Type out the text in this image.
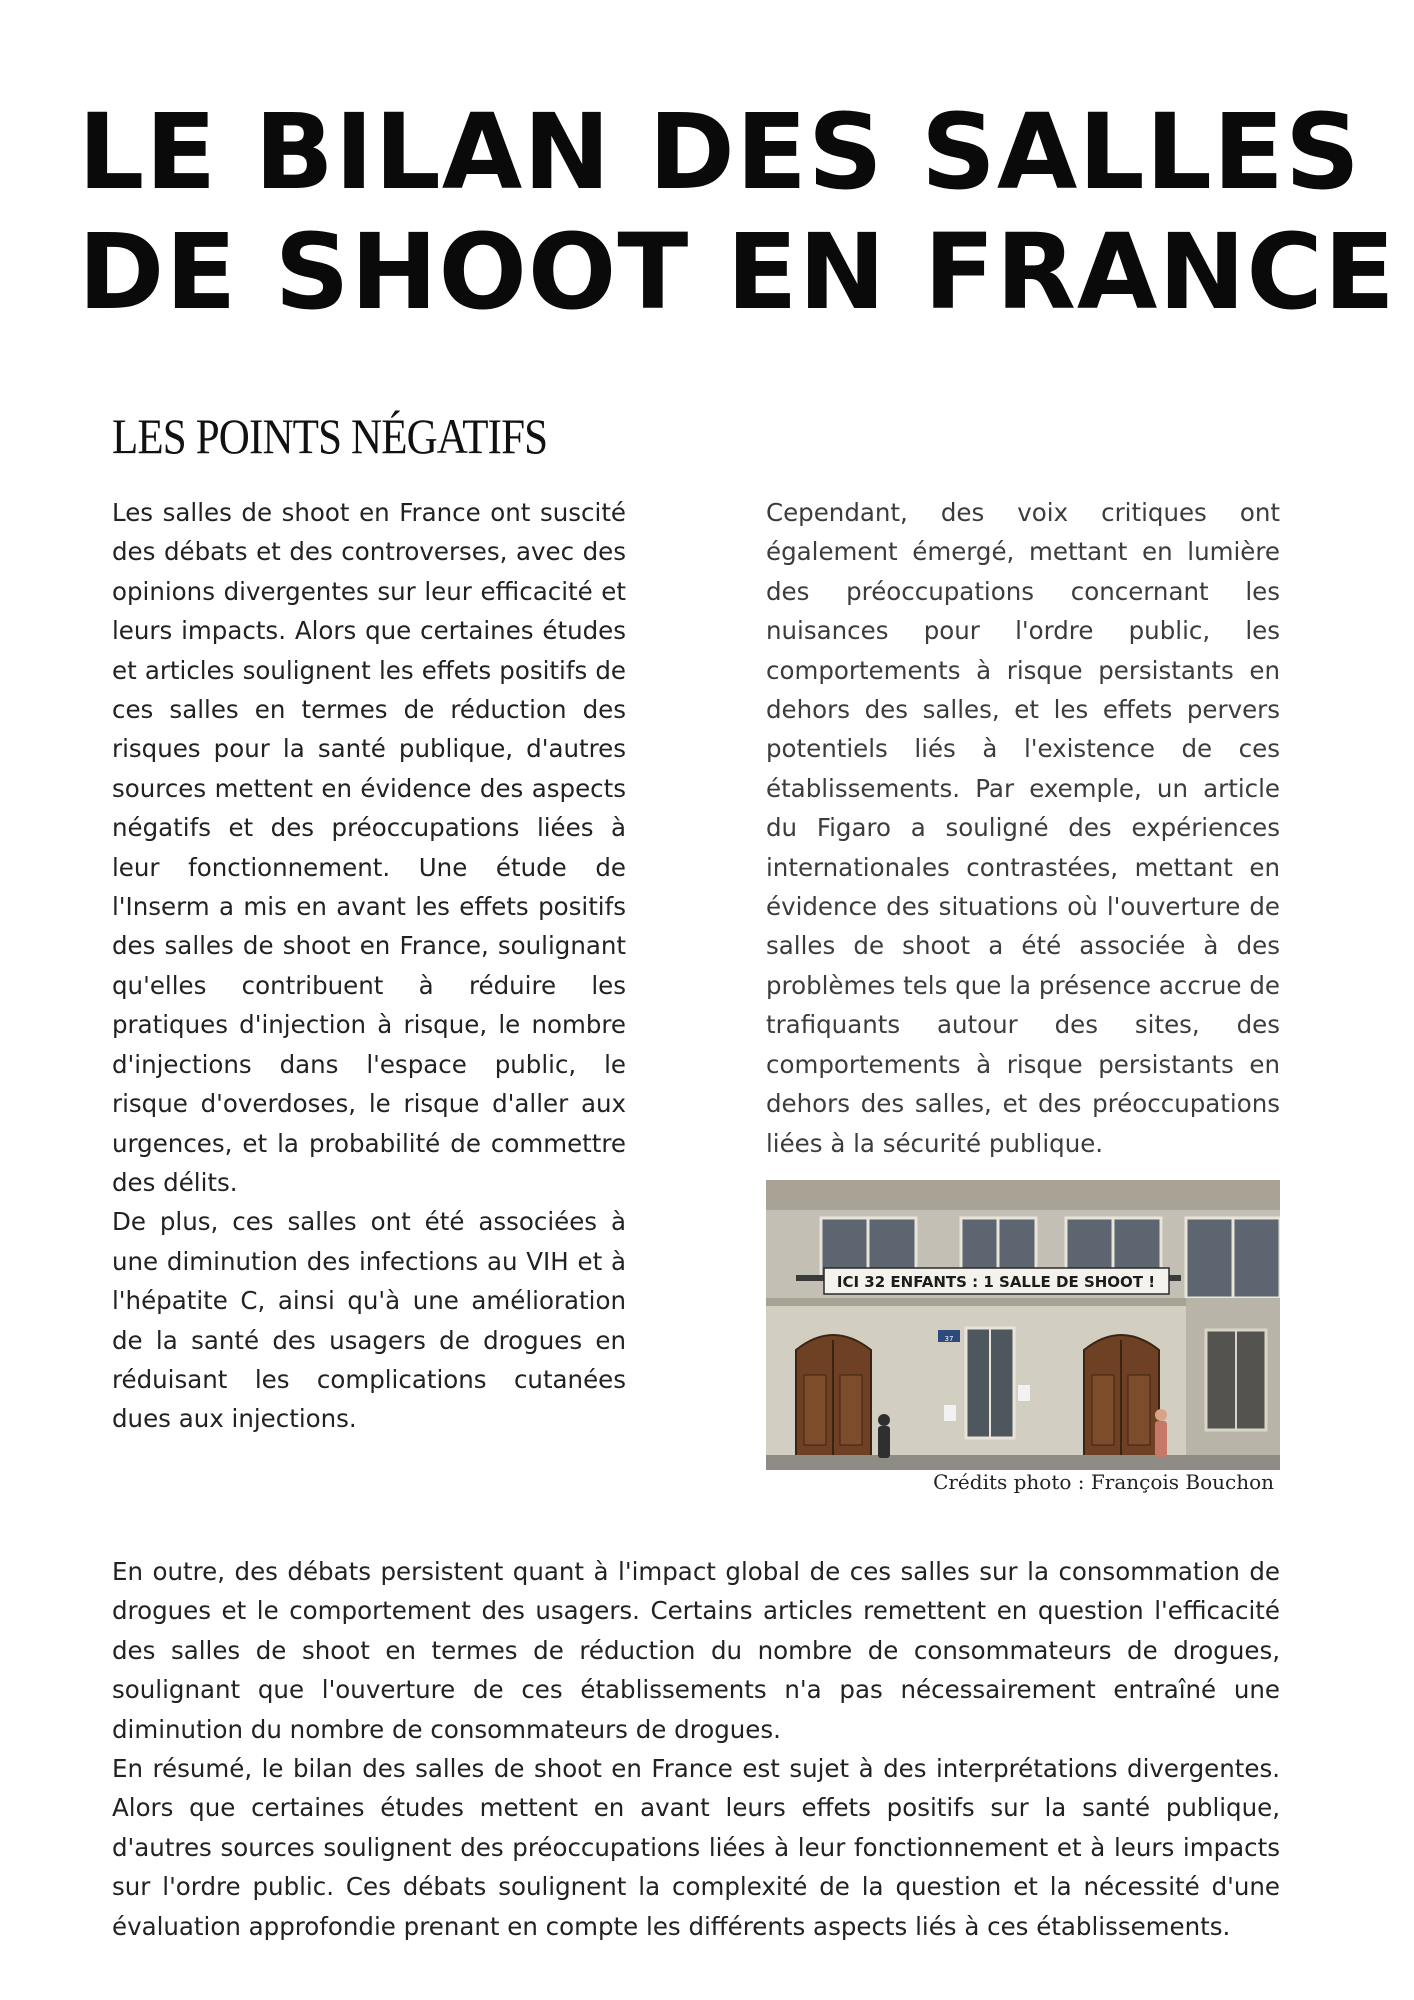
LE BILAN DES SALLES
DE SHOOT EN FRANCE
LES POINTS NÉGATIFS

Les salles de shoot en France ont suscité des débats et des controverses, avec des opinions divergentes sur leur efficacité et leurs impacts. Alors que certaines études et articles soulignent les effets positifs de ces salles en termes de réduction des risques pour la santé publique, d'autres sources mettent en évidence des aspects négatifs et des préoccupations liées à leur fonctionnement. Une étude de l'Inserm a mis en avant les effets positifs des salles de shoot en France, soulignant qu'elles contribuent à réduire les pratiques d'injection à risque, le nombre d'injections dans l'espace public, le risque d'overdoses, le risque d'aller aux urgences, et la probabilité de commettre des délits.

De plus, ces salles ont été associées à une diminution des infections au VIH et à l'hépatite C, ainsi qu'à une amélioration de la santé des usagers de drogues en réduisant les complications cutanées dues aux injections.

Cependant, des voix critiques ont également émergé, mettant en lumière des préoccupations concernant les nuisances pour l'ordre public, les comportements à risque persistants en dehors des salles, et les effets pervers potentiels liés à l'existence de ces établissements. Par exemple, un article du Figaro a souligné des expériences internationales contrastées, mettant en évidence des situations où l'ouverture de salles de shoot a été associée à des problèmes tels que la présence accrue de trafiquants autour des sites, des comportements à risque persistants en dehors des salles, et des préoccupations liées à la sécurité publique.

ICI 32 ENFANTS : 1 SALLE DE SHOOT !
37
Crédits photo : François Bouchon

En outre, des débats persistent quant à l'impact global de ces salles sur la consommation de drogues et le comportement des usagers. Certains articles remettent en question l'efficacité des salles de shoot en termes de réduction du nombre de consommateurs de drogues, soulignant que l'ouverture de ces établissements n'a pas nécessairement entraîné une diminution du nombre de consommateurs de drogues.

En résumé, le bilan des salles de shoot en France est sujet à des interprétations divergentes. Alors que certaines études mettent en avant leurs effets positifs sur la santé publique, d'autres sources soulignent des préoccupations liées à leur fonctionnement et à leurs impacts sur l'ordre public. Ces débats soulignent la complexité de la question et la nécessité d'une évaluation approfondie prenant en compte les différents aspects liés à ces établissements.
